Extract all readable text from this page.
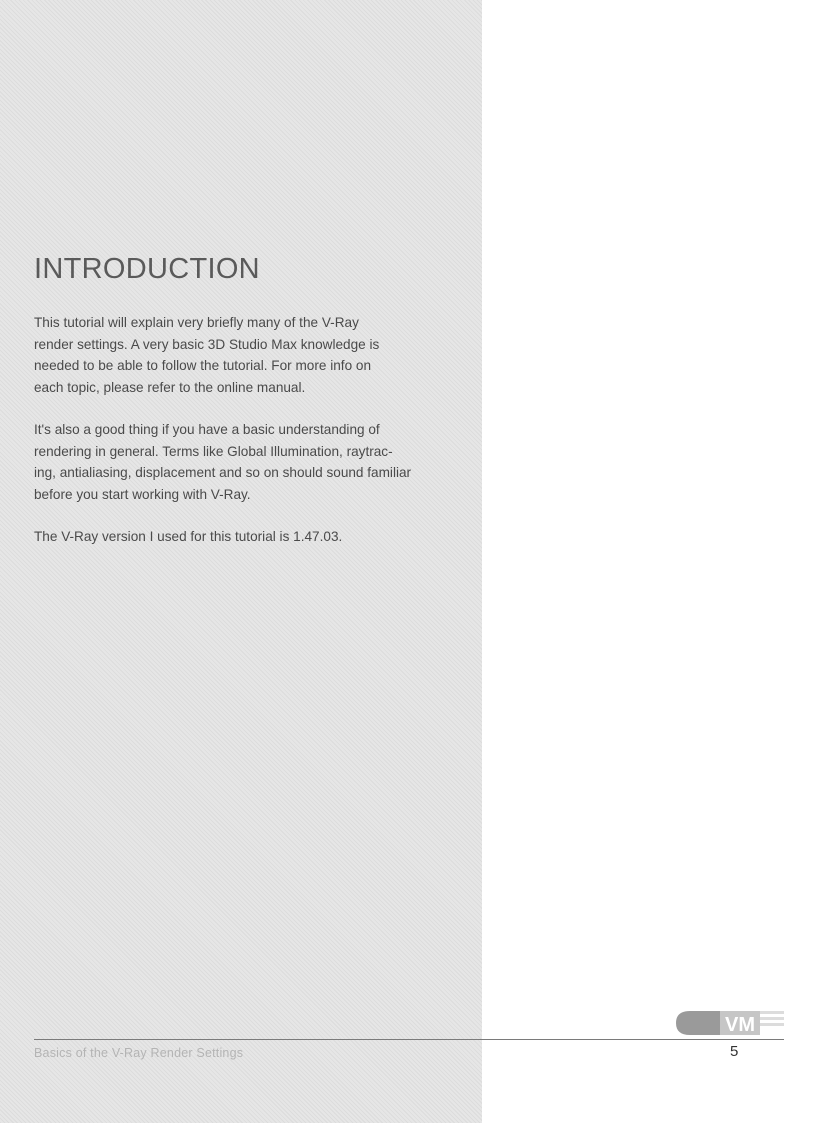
INTRODUCTION

This tutorial will explain very briefly many of the V-Ray
render settings. A very basic 3D Studio Max knowledge is
needed to be able to follow the tutorial. For more info on
each topic, please refer to the online manual.

It's also a good thing if you have a basic understanding of
rendering in general. Terms like Global Illumination, raytrac-
ing, antialiasing, displacement and so on should sound familiar
before you start working with V-Ray.

The V-Ray version I used for this tutorial is 1.47.03.

VM
Basics of the V-Ray Render Settings	5
